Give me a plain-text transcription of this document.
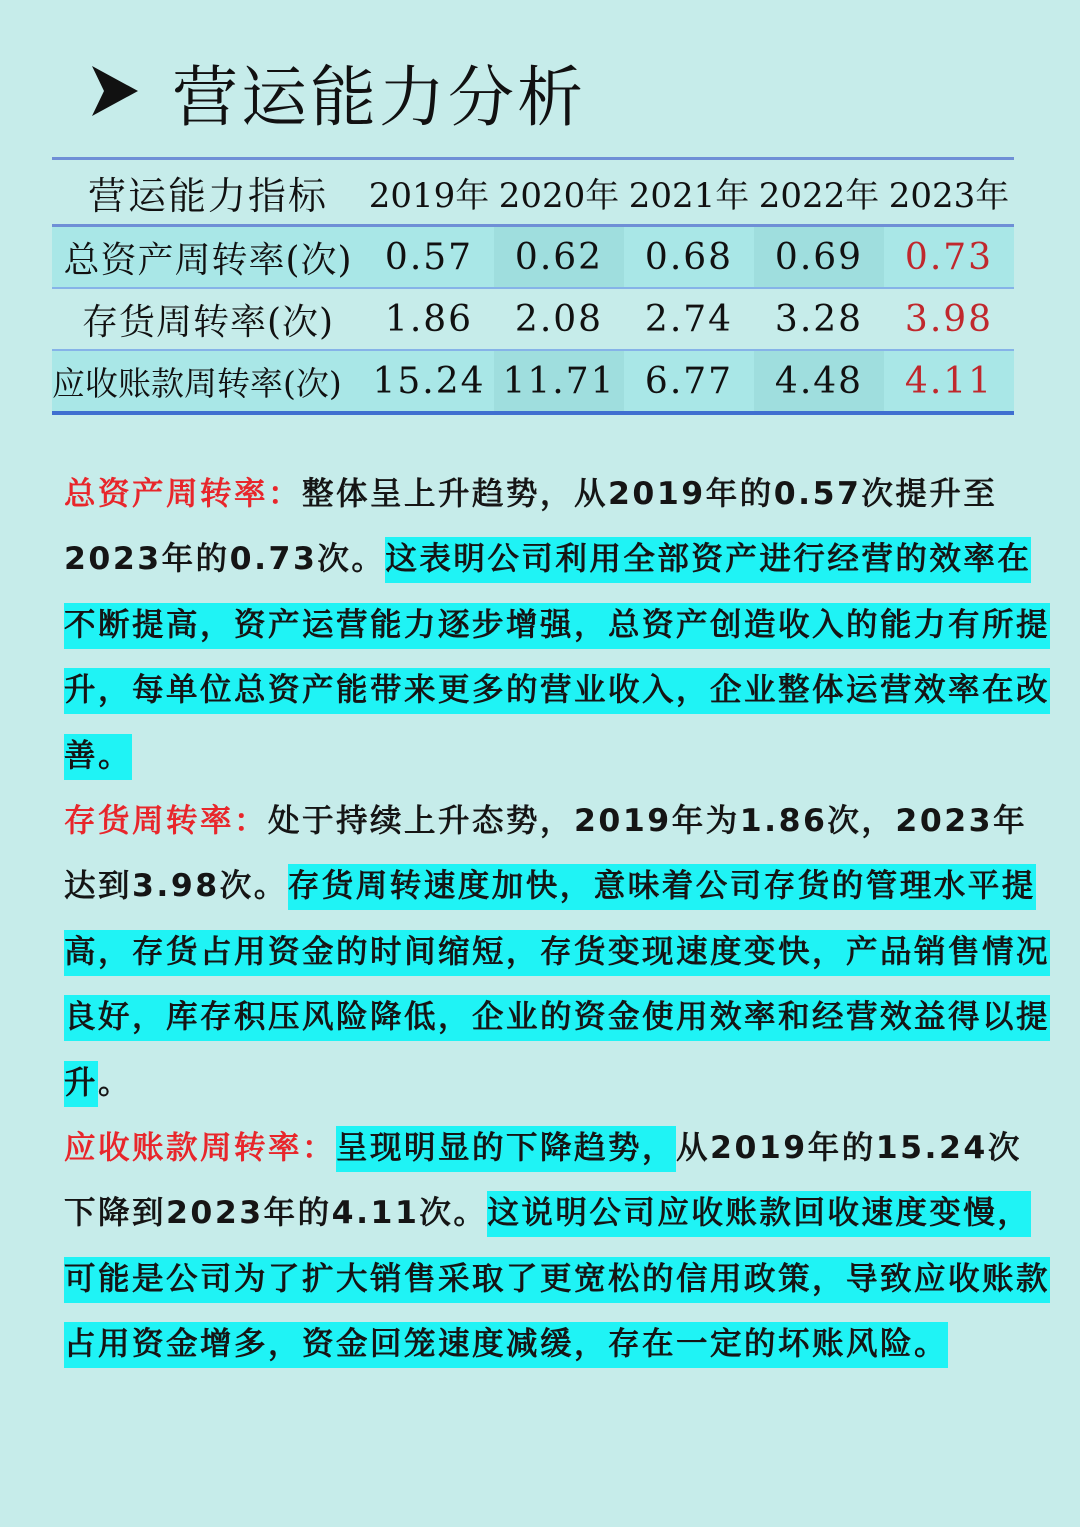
营运能力分析
营运能力指标	2019年	2020年	2021年	2022年	2023年
总资产周转率(次)	0.57	0.62	0.68	0.69	0.73
存货周转率(次)	1.86	2.08	2.74	3.28	3.98
应收账款周转率(次)	15.24	11.71	6.77	4.48	4.11

总资产周转率：整体呈上升趋势，从2019年的0.57次提升至2023年的0.73次。这表明公司利用全部资产进行经营的效率在不断提高，资产运营能力逐步增强，总资产创造收入的能力有所提升，每单位总资产能带来更多的营业收入，企业整体运营效率在改善。

存货周转率：处于持续上升态势，2019年为1.86次，2023年达到3.98次。存货周转速度加快，意味着公司存货的管理水平提高，存货占用资金的时间缩短，存货变现速度变快，产品销售情况良好，库存积压风险降低，企业的资金使用效率和经营效益得以提升。

应收账款周转率：呈现明显的下降趋势，从2019年的15.24次下降到2023年的4.11次。这说明公司应收账款回收速度变慢，可能是公司为了扩大销售采取了更宽松的信用政策，导致应收账款占用资金增多，资金回笼速度减缓，存在一定的坏账风险。
